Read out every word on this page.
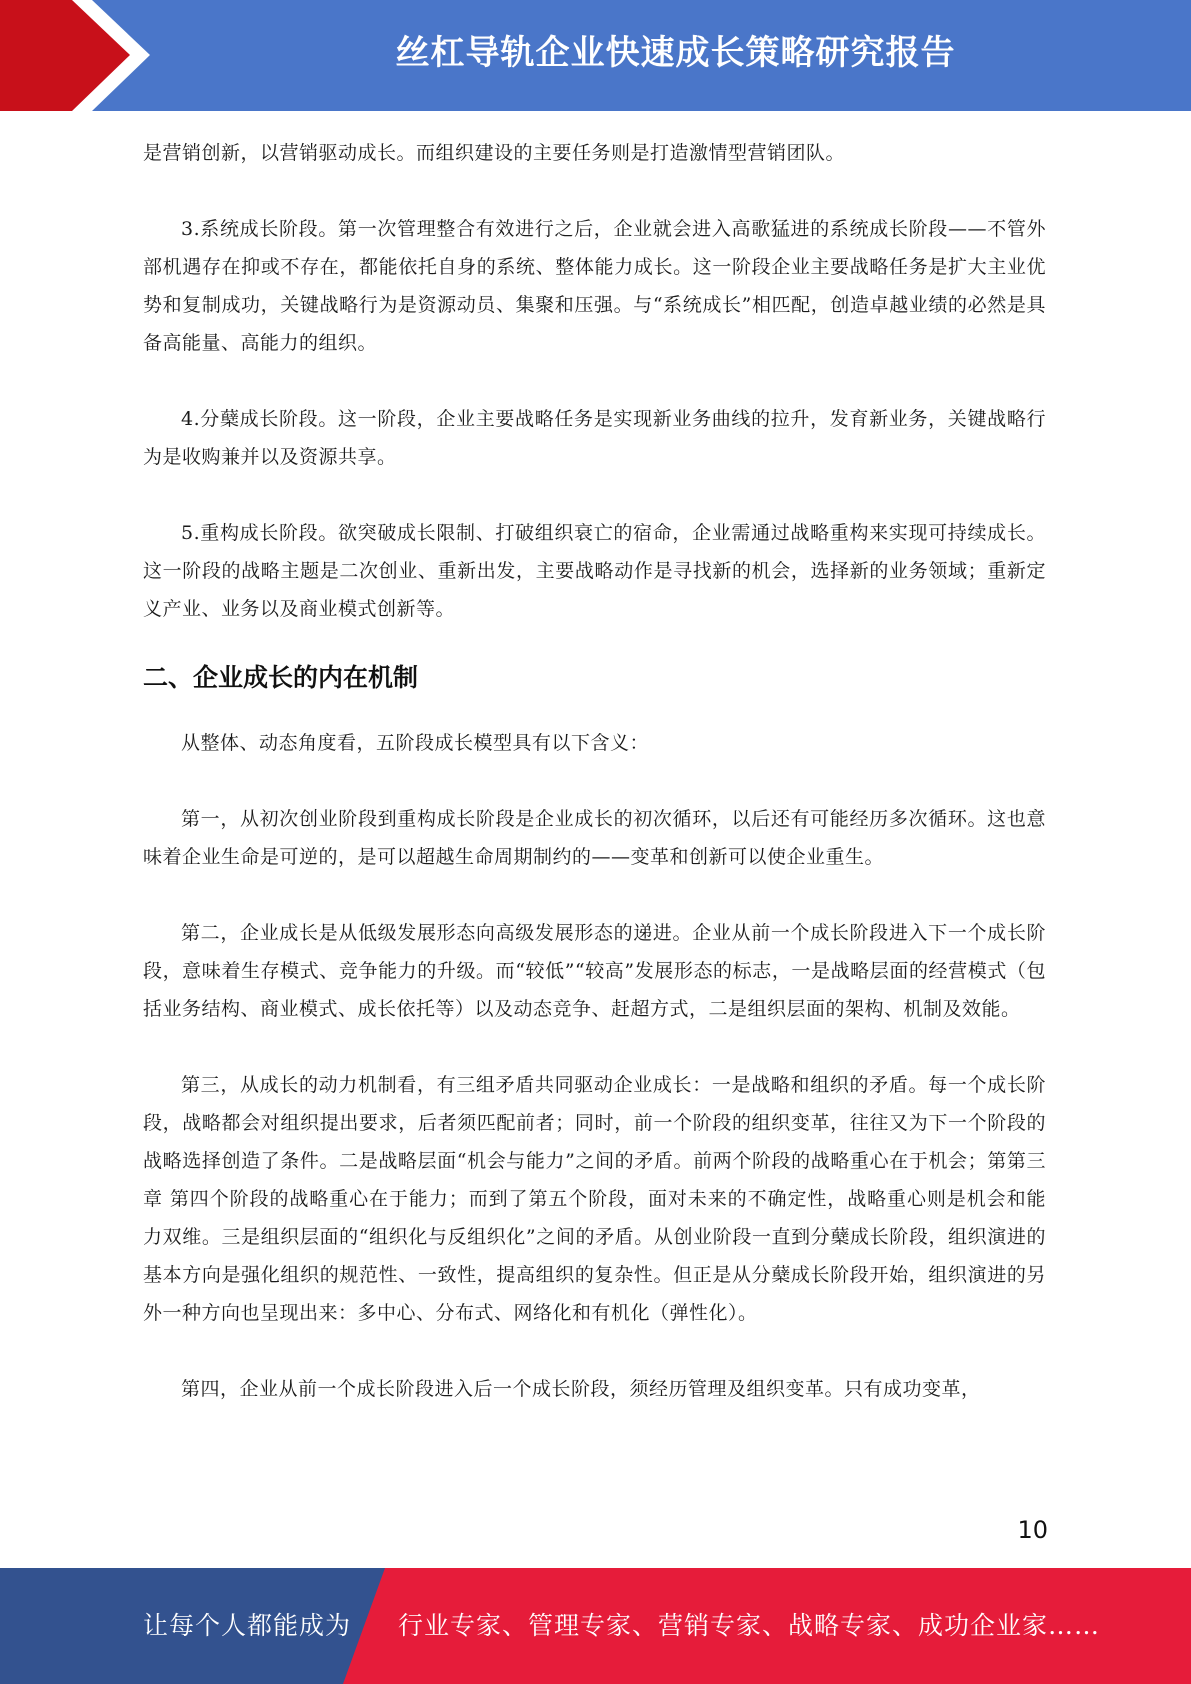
丝杠导轨企业快速成长策略研究报告

是营销创新，以营销驱动成长。而组织建设的主要任务则是打造激情型营销团队。

3.系统成长阶段。第一次管理整合有效进行之后，企业就会进入高歌猛进的系统成长阶段——不管外部机遇存在抑或不存在，都能依托自身的系统、整体能力成长。这一阶段企业主要战略任务是扩大主业优势和复制成功，关键战略行为是资源动员、集聚和压强。与“系统成长”相匹配，创造卓越业绩的必然是具备高能量、高能力的组织。

4.分蘖成长阶段。这一阶段，企业主要战略任务是实现新业务曲线的拉升，发育新业务，关键战略行为是收购兼并以及资源共享。

5.重构成长阶段。欲突破成长限制、打破组织衰亡的宿命，企业需通过战略重构来实现可持续成长。这一阶段的战略主题是二次创业、重新出发，主要战略动作是寻找新的机会，选择新的业务领域；重新定义产业、业务以及商业模式创新等。

二、企业成长的内在机制

从整体、动态角度看，五阶段成长模型具有以下含义：

第一，从初次创业阶段到重构成长阶段是企业成长的初次循环，以后还有可能经历多次循环。这也意味着企业生命是可逆的，是可以超越生命周期制约的——变革和创新可以使企业重生。

第二，企业成长是从低级发展形态向高级发展形态的递进。企业从前一个成长阶段进入下一个成长阶段，意味着生存模式、竞争能力的升级。而“较低”“较高”发展形态的标志，一是战略层面的经营模式（包括业务结构、商业模式、成长依托等）以及动态竞争、赶超方式，二是组织层面的架构、机制及效能。

第三，从成长的动力机制看，有三组矛盾共同驱动企业成长：一是战略和组织的矛盾。每一个成长阶段，战略都会对组织提出要求，后者须匹配前者；同时，前一个阶段的组织变革，往往又为下一个阶段的战略选择创造了条件。二是战略层面“机会与能力”之间的矛盾。前两个阶段的战略重心在于机会；第第三章 第四个阶段的战略重心在于能力；而到了第五个阶段，面对未来的不确定性，战略重心则是机会和能力双维。三是组织层面的“组织化与反组织化”之间的矛盾。从创业阶段一直到分蘖成长阶段，组织演进的基本方向是强化组织的规范性、一致性，提高组织的复杂性。但正是从分蘖成长阶段开始，组织演进的另外一种方向也呈现出来：多中心、分布式、网络化和有机化（弹性化）。

第四，企业从前一个成长阶段进入后一个成长阶段，须经历管理及组织变革。只有成功变革，

10
让每个人都能成为 行业专家、管理专家、营销专家、战略专家、成功企业家……
